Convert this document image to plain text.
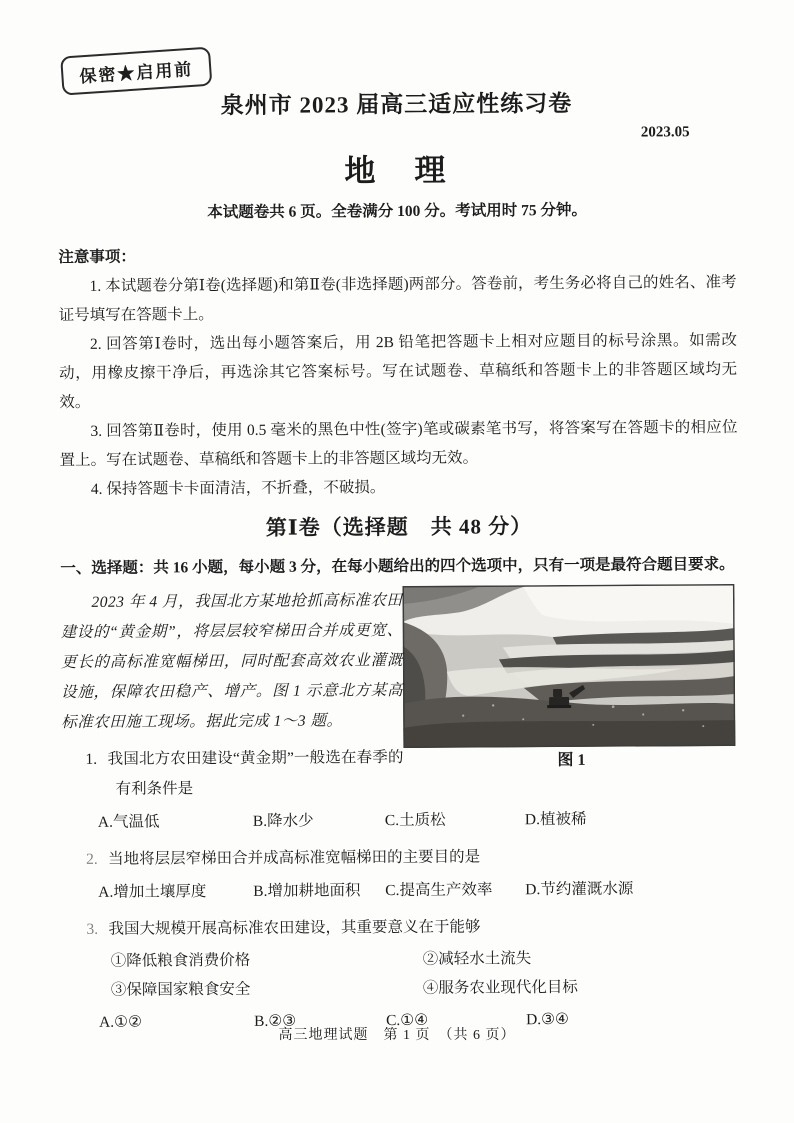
保密★启用前
泉州市 2023 届高三适应性练习卷
2023.05
地　理
本试题卷共 6 页。全卷满分 100 分。考试用时 75 分钟。
注意事项：
1. 本试题卷分第Ⅰ卷(选择题)和第Ⅱ卷(非选择题)两部分。答卷前，考生务必将自己的姓名、准考证号填写在答题卡上。
2. 回答第Ⅰ卷时，选出每小题答案后，用 2B 铅笔把答题卡上相对应题目的标号涂黑。如需改动，用橡皮擦干净后，再选涂其它答案标号。写在试题卷、草稿纸和答题卡上的非答题区域均无效。
3. 回答第Ⅱ卷时，使用 0.5 毫米的黑色中性(签字)笔或碳素笔书写，将答案写在答题卡的相应位置上。写在试题卷、草稿纸和答题卡上的非答题区域均无效。
4. 保持答题卡卡面清洁，不折叠，不破损。
第Ⅰ卷（选择题　共 48 分）
一、选择题：共 16 小题，每小题 3 分，在每小题给出的四个选项中，只有一项是最符合题目要求。
图 1
2023 年 4 月，我国北方某地抢抓高标准农田建设的“黄金期”，将层层较窄梯田合并成更宽、更长的高标准宽幅梯田，同时配套高效农业灌溉设施，保障农田稳产、增产。图 1 示意北方某高标准农田施工现场。据此完成 1～3 题。
1. 我国北方农田建设“黄金期”一般选在春季的有利条件是
A.气温低	B.降水少	C.土质松	D.植被稀
2. 当地将层层窄梯田合并成高标准宽幅梯田的主要目的是
A.增加土壤厚度	B.增加耕地面积	C.提高生产效率	D.节约灌溉水源
3. 我国大规模开展高标准农田建设，其重要意义在于能够
①降低粮食消费价格	②减轻水土流失
③保障国家粮食安全	④服务农业现代化目标
A.①②	B.②③	C.①④	D.③④
高三地理试题　第 1 页　（共 6 页）
